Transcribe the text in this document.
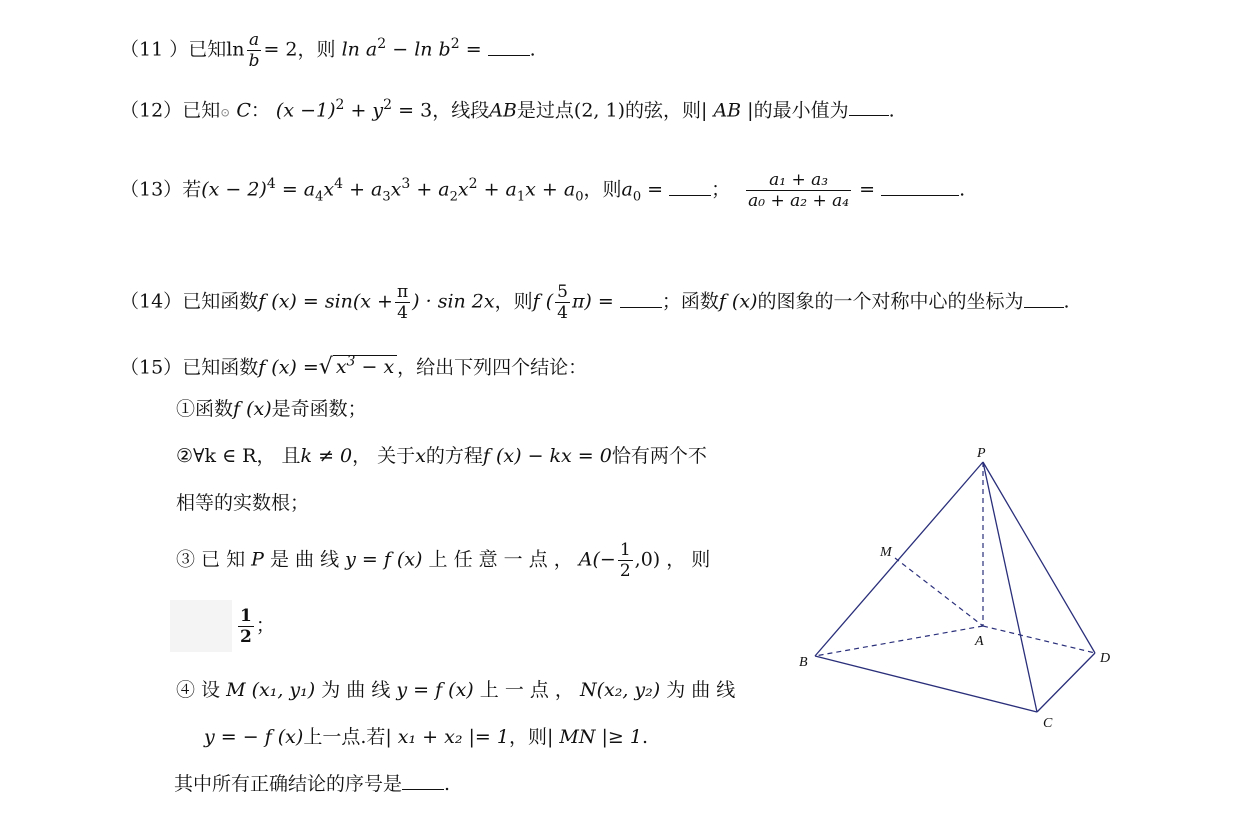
（11 ）已知$\ln \frac{a}{b} = 2$，则 $\ln a^2 - \ln b^2$ =	.
（12）已知⊙ C： $(x -1)^2 + y^2 = 3$，线段AB是过点(2, 1)的弦，则| AB |的最小值为 .
（13）若$(x - 2)^4 = a_4x^4 + a_3x^3 + a_2x^2 + a_1x + a_0$，则$a_0$ = ； $\frac{\text{a₁ + a₃}}{\text{a₀ + a₂ + a₄}}$ =	.
（14）已知函数f $(x) = \sin(x + \frac{\pi}{4}$ ) · sin 2x，则f ( $\frac{5}{4} \pi$) =	；函数f (x)的图象的一个对称中心的坐标为 .
（15）已知函数f (x) =√ $x^3 - x$ ，给出下列四个结论：
①函数f (x)是奇函数；
②∀k ∈ R， 且k ≠ 0， 关于x的方程f (x) − kx = 0恰有两个不
相等的实数根；
③ 已 知 P 是 曲 线 y = f (x) 上 任 意 一 点 ， $A(- \frac{1}{2} ,0)$ ， 则
$\frac{1}{2}$ ；
④ 设 M (x₁, y₁) 为 曲 线 y = f (x) 上 一 点 ， N(x₂, y₂) 为 曲 线
y = − f (x)上一点.若| x₁ + x₂ |= 1，则| MN |≥ 1.
其中所有正确结论的序号是 .
P
M
A
B
C
D
